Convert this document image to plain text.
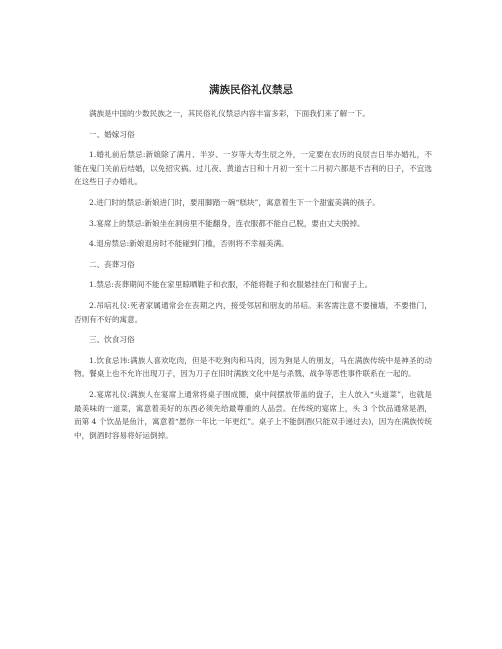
满族民俗礼仪禁忌

满族是中国的少数民族之一，其民俗礼仪禁忌内容丰富多彩，下面我们来了解一下。

一、婚嫁习俗

1.婚礼前后禁忌:新娘除了满月、半岁、一岁等大寿生辰之外，一定要在农历的良辰吉日举办婚礼，不能在鬼门关前后结婚，以免招灾祸。过儿夜、黄道吉日和十月初一至十二月初六都是不吉利的日子，不宜选在这些日子办婚礼。

2.进门时的禁忌:新娘进门时，要用脚踏一碗“糕块”，寓意着生下一个甜蜜美满的孩子。

3.宴席上的禁忌:新娘坐在洞房里不能翻身，连衣服都不能自己脱，要由丈夫脱掉。

4.退房禁忌:新娘退房时不能碰到门槛，否则将不幸福美满。

二、丧葬习俗

1.禁忌:丧葬期间不能在家里晾晒鞋子和衣服，不能将鞋子和衣服悬挂在门和窗子上。

2.吊唁礼仪:死者家属通常会在丧期之内，接受邻居和朋友的吊唁。来客需注意不要撞墙，不要推门，否则有不好的寓意。

三、饮食习俗

1.饮食忌讳:满族人喜欢吃肉，但是不吃狗肉和马肉，因为狗是人的朋友，马在满族传统中是神圣的动物。餐桌上也不允许出现刀子，因为刀子在旧时满族文化中是与杀戮、战争等恶性事件联系在一起的。

2.宴席礼仪:满族人在宴席上通常将桌子围成圈，桌中间摆放带盖的盘子，主人放入“头道菜”，也就是最美味的一道菜，寓意着美好的东西必须先给最尊重的人品尝。在传统的宴席上，头 3 个饮品通常是酒，而第 4 个饮品是鱼汁，寓意着“愿你一年比一年更红”。桌子上不能倒酒(只能双手递过去)，因为在满族传统中，倒酒时容易将好运倒掉。
